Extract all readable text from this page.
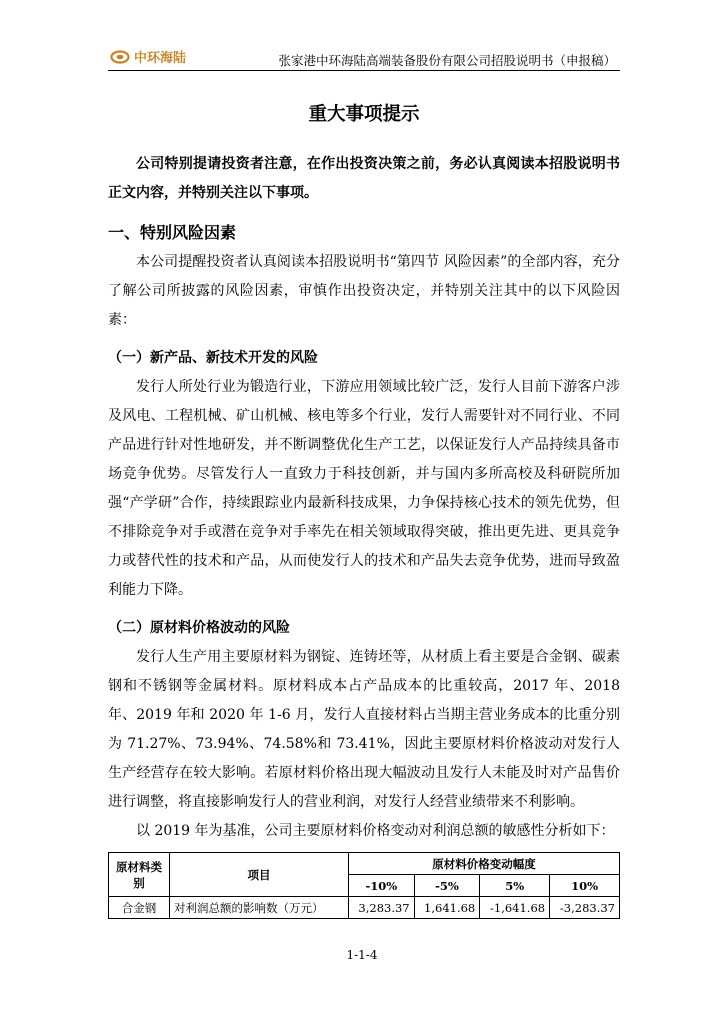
中环海陆	张家港中环海陆高端装备股份有限公司招股说明书（申报稿）
重大事项提示

公司特别提请投资者注意，在作出投资决策之前，务必认真阅读本招股说明书正文内容，并特别关注以下事项。

一、特别风险因素

本公司提醒投资者认真阅读本招股说明书“第四节 风险因素”的全部内容，充分了解公司所披露的风险因素，审慎作出投资决定，并特别关注其中的以下风险因素：

（一）新产品、新技术开发的风险

发行人所处行业为锻造行业，下游应用领域比较广泛，发行人目前下游客户涉及风电、工程机械、矿山机械、核电等多个行业，发行人需要针对不同行业、不同产品进行针对性地研发，并不断调整优化生产工艺，以保证发行人产品持续具备市场竞争优势。尽管发行人一直致力于科技创新，并与国内多所高校及科研院所加强“产学研”合作，持续跟踪业内最新科技成果，力争保持核心技术的领先优势，但不排除竞争对手或潜在竞争对手率先在相关领域取得突破，推出更先进、更具竞争力或替代性的技术和产品，从而使发行人的技术和产品失去竞争优势，进而导致盈利能力下降。

（二）原材料价格波动的风险

发行人生产用主要原材料为钢锭、连铸坯等，从材质上看主要是合金钢、碳素钢和不锈钢等金属材料。原材料成本占产品成本的比重较高，2017 年、2018 年、2019 年和 2020 年 1-6 月，发行人直接材料占当期主营业务成本的比重分别为 71.27%、73.94%、74.58%和 73.41%，因此主要原材料价格波动对发行人生产经营存在较大影响。若原材料价格出现大幅波动且发行人未能及时对产品售价进行调整，将直接影响发行人的营业利润，对发行人经营业绩带来不利影响。

以 2019 年为基准，公司主要原材料价格变动对利润总额的敏感性分析如下：

原材料类别	项目	原材料价格变动幅度			
		-10%	-5%	5%	10%
合金钢	对利润总额的影响数（万元）	3,283.37	1,641.68	-1,641.68	-3,283.37
1-1-4
